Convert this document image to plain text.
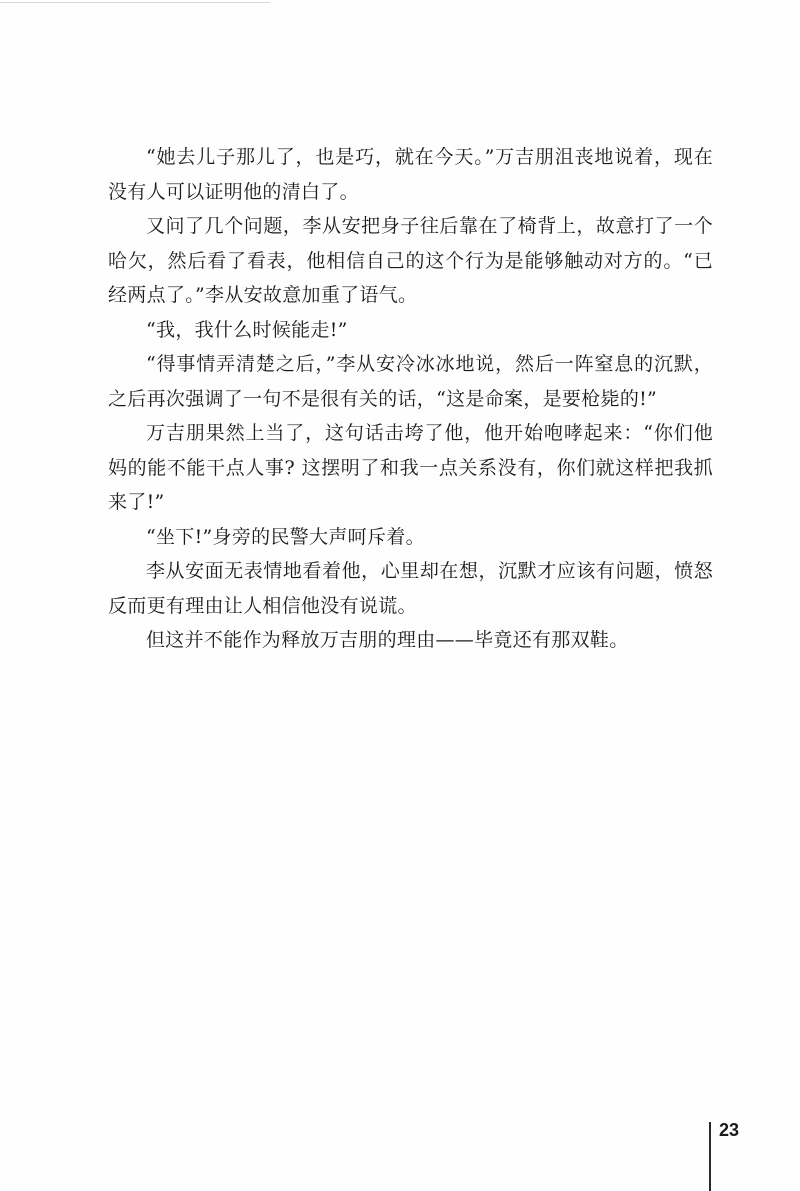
“她去儿子那儿了，也是巧，就在今天。”万吉朋沮丧地说着，现在没有人可以证明他的清白了。

又问了几个问题，李从安把身子往后靠在了椅背上，故意打了一个哈欠，然后看了看表，他相信自己的这个行为是能够触动对方的。“已经两点了。”李从安故意加重了语气。

“我，我什么时候能走!”

“得事情弄清楚之后，”李从安冷冰冰地说，然后一阵窒息的沉默，之后再次强调了一句不是很有关的话，“这是命案，是要枪毙的!”

万吉朋果然上当了，这句话击垮了他，他开始咆哮起来：“你们他妈的能不能干点人事? 这摆明了和我一点关系没有，你们就这样把我抓来了!”

“坐下!”身旁的民警大声呵斥着。

李从安面无表情地看着他，心里却在想，沉默才应该有问题，愤怒反而更有理由让人相信他没有说谎。

但这并不能作为释放万吉朋的理由——毕竟还有那双鞋。

23
